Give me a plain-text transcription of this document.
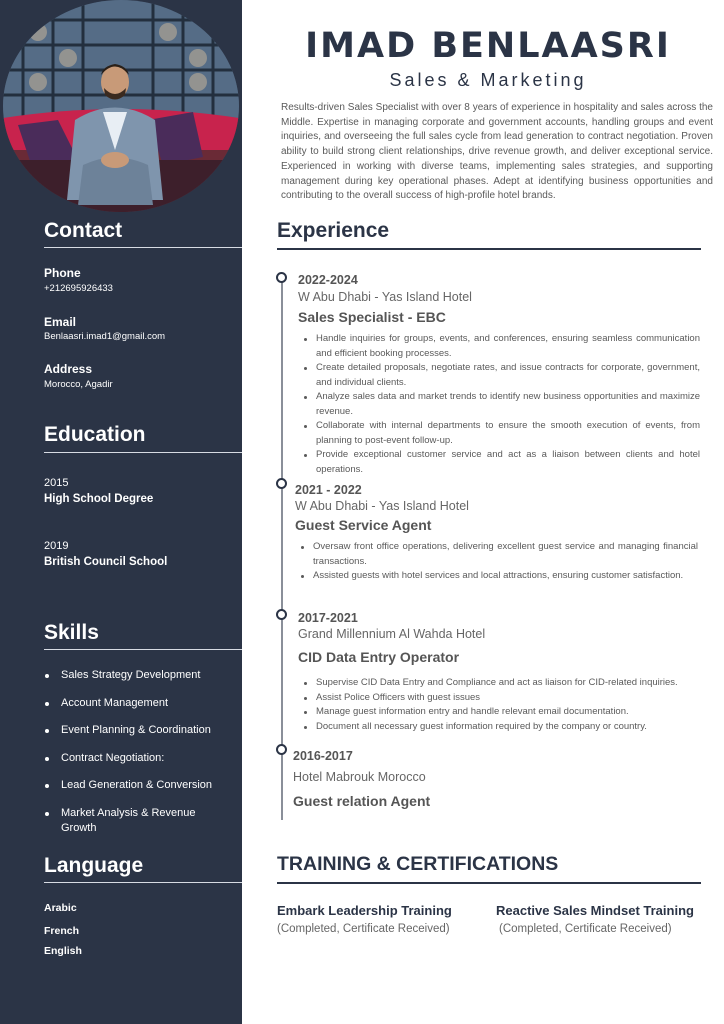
Contact
Phone
+212695926433
Email
Benlaasri.imad1@gmail.com
Address
Morocco, Agadir
Education
2015
High School Degree
2019
British Council School
Skills
Sales Strategy Development
Account Management
Event Planning & Coordination
Contract Negotiation:
Lead Generation & Conversion
Market Analysis & Revenue Growth
Language
Arabic
French
English
IMAD BENLAASRI
Sales & Marketing

Results-driven Sales Specialist with over 8 years of experience in hospitality and sales across the Middle. Expertise in managing corporate and government accounts, handling groups and event inquiries, and overseeing the full sales cycle from lead generation to contract negotiation. Proven ability to build strong client relationships, drive revenue growth, and deliver exceptional service. Experienced in working with diverse teams, implementing sales strategies, and supporting management during key operational phases. Adept at identifying business opportunities and contributing to the overall success of high-profile hotel brands.

Experience
2022-2024
W Abu Dhabi - Yas Island Hotel
Sales Specialist - EBC
Handle inquiries for groups, events, and conferences, ensuring seamless communication and efficient booking processes.
Create detailed proposals, negotiate rates, and issue contracts for corporate, government, and individual clients.
Analyze sales data and market trends to identify new business opportunities and maximize revenue.
Collaborate with internal departments to ensure the smooth execution of events, from planning to post-event follow-up.
Provide exceptional customer service and act as a liaison between clients and hotel operations.
2021 - 2022
W Abu Dhabi - Yas Island Hotel
Guest Service Agent
Oversaw front office operations, delivering excellent guest service and managing financial transactions.
Assisted guests with hotel services and local attractions, ensuring customer satisfaction.
2017-2021
Grand Millennium Al Wahda Hotel
CID Data Entry Operator
Supervise CID Data Entry and Compliance and act as liaison for CID-related inquiries.
Assist Police Officers with guest issues
Manage guest information entry and handle relevant email documentation.
Document all necessary guest information required by the company or country.
2016-2017
Hotel Mabrouk Morocco
Guest relation Agent
TRAINING & CERTIFICATIONS
Embark Leadership Training
(Completed, Certificate Received)
Reactive Sales Mindset Training
(Completed, Certificate Received)
